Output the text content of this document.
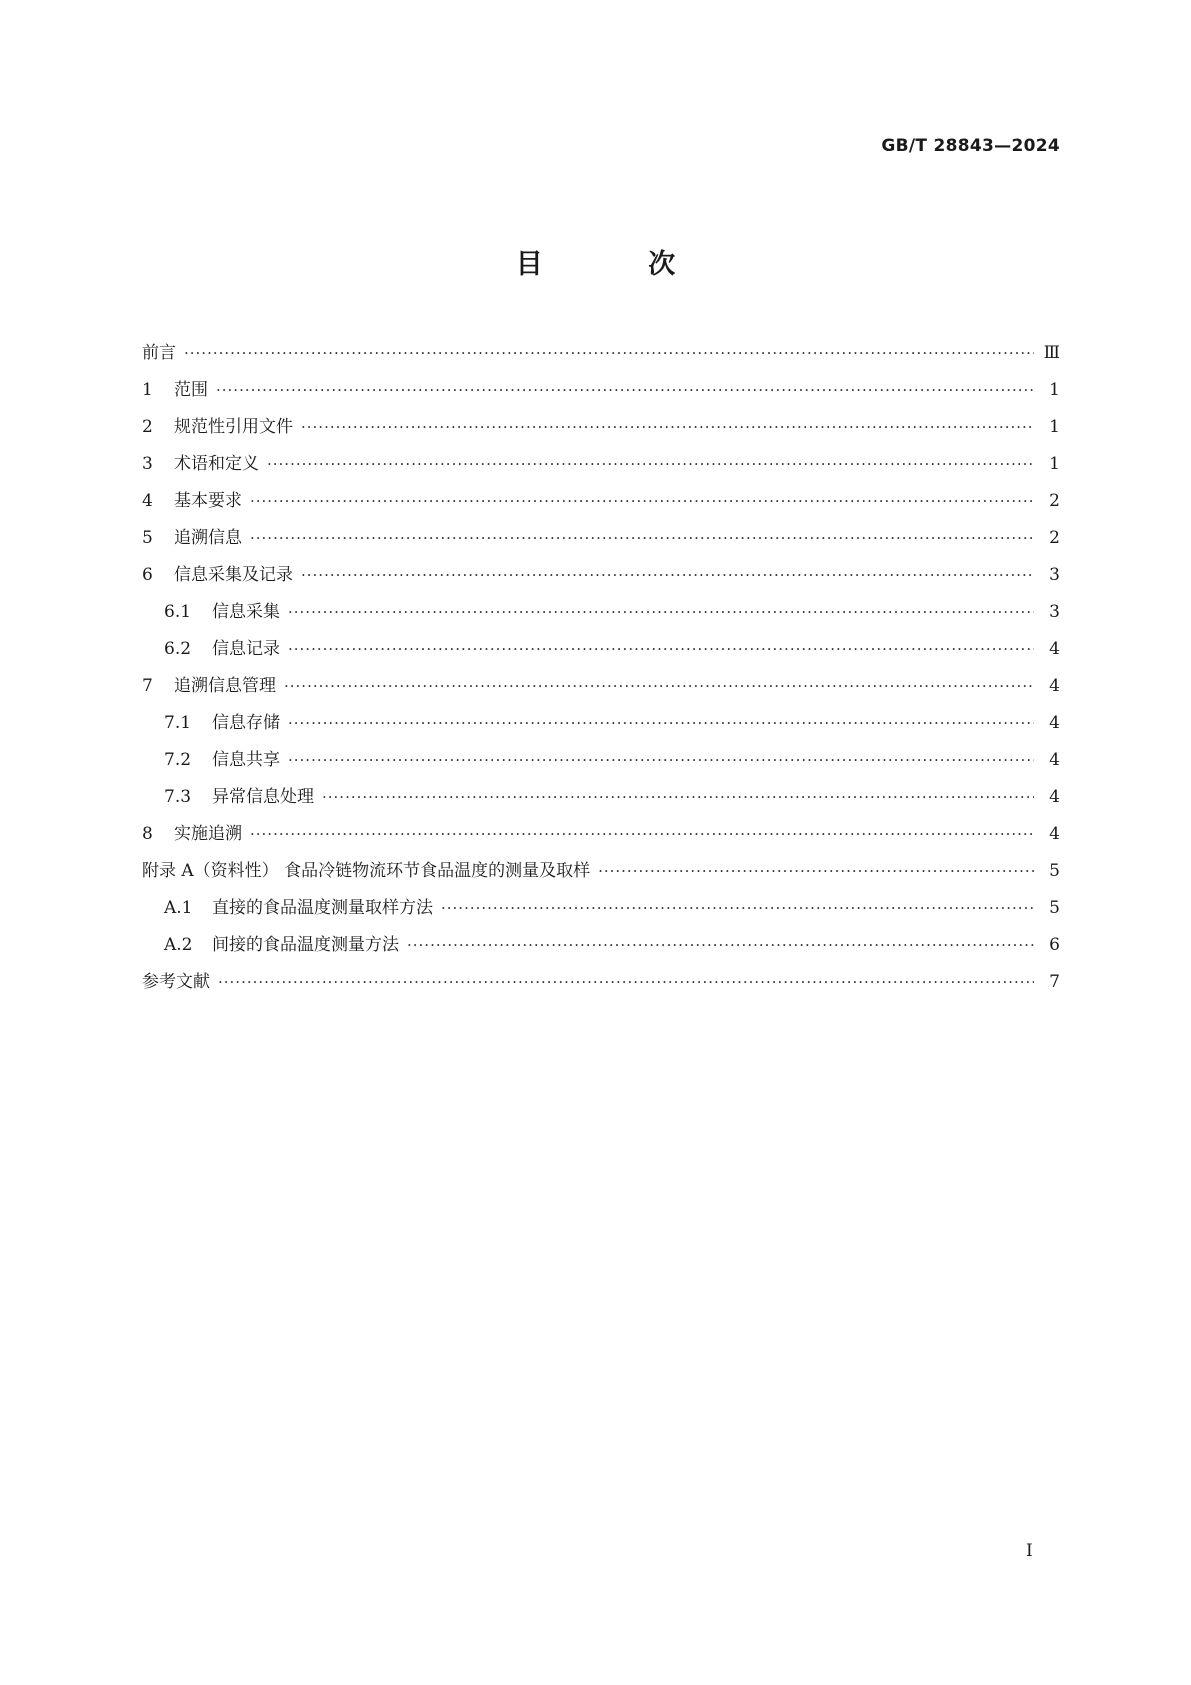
GB/T 28843—2024
目 次
前言 ·····	Ⅲ
1	范围 ·····	1
2	规范性引用文件 ·····	1
3	术语和定义 ·····	1
4	基本要求 ·····	2
5	追溯信息 ·····	2
6	信息采集及记录 ·····	3
6.1	信息采集 ·····	3
6.2	信息记录 ·····	4
7	追溯信息管理 ·····	4
7.1	信息存储 ·····	4
7.2	信息共享 ·····	4
7.3	异常信息处理 ·····	4
8	实施追溯 ·····	4
附录 A（资料性） 食品冷链物流环节食品温度的测量及取样 ·····	5
A.1	直接的食品温度测量取样方法 ·····	5
A.2	间接的食品温度测量方法 ·····	6
参考文献 ·····	7
I
